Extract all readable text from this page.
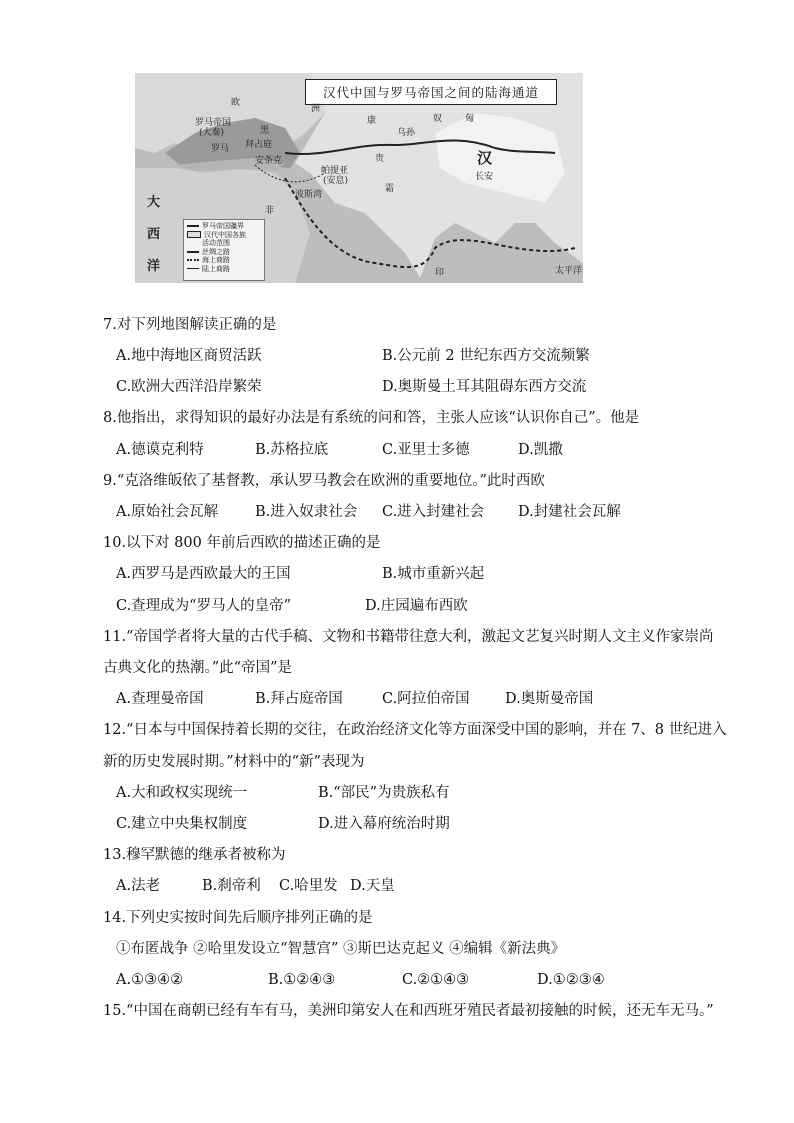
汉代中国与罗马帝国之间的陆海通道
欧
洲
罗马帝国
(大秦)
罗马
黑
拜占庭
安条克
帕提亚
(安息)
波斯湾
康
乌孙
奴	匈
贵
霜
汉
长安
印
非
大
西
洋	太平洋
罗马帝国疆界
汉代中国各族
活动范围
丝绸之路
海上商路
陆上商路
7.对下列地图解读正确的是
A.地中海地区商贸活跃	B.公元前 2 世纪东西方交流频繁
C.欧洲大西洋沿岸繁荣	D.奥斯曼土耳其阻碍东西方交流
8.他指出，求得知识的最好办法是有系统的问和答，主张人应该“认识你自己”。他是
A.德谟克利特	B.苏格拉底	C.亚里士多德	D.凯撒
9.“克洛维皈依了基督教，承认罗马教会在欧洲的重要地位。”此时西欧
A.原始社会瓦解	B.进入奴隶社会 C.进入封建社会 D.封建社会瓦解
10.以下对 800 年前后西欧的描述正确的是
A.西罗马是西欧最大的王国	B.城市重新兴起
C.查理成为“罗马人的皇帝”	D.庄园遍布西欧
11.“帝国学者将大量的古代手稿、文物和书籍带往意大利，激起文艺复兴时期人文主义作家崇尚
古典文化的热潮。”此“帝国”是
A.查理曼帝国	B.拜占庭帝国	C.阿拉伯帝国 D.奥斯曼帝国
12.“日本与中国保持着长期的交往，在政治经济文化等方面深受中国的影响，并在 7、8 世纪进入
新的历史发展时期。”材料中的“新”表现为
A.大和政权实现统一	B.“部民”为贵族私有
C.建立中央集权制度	D.进入幕府统治时期
13.穆罕默德的继承者被称为
A.法老	B.刹帝利 C.哈里发 D.天皇
14.下列史实按时间先后顺序排列正确的是
①布匿战争 ②哈里发设立“智慧宫” ③斯巴达克起义 ④编辑《新法典》
A.①③④②	B.①②④③	C.②①④③	D.①②③④
15.“中国在商朝已经有车有马，美洲印第安人在和西班牙殖民者最初接触的时候，还无车无马。”
